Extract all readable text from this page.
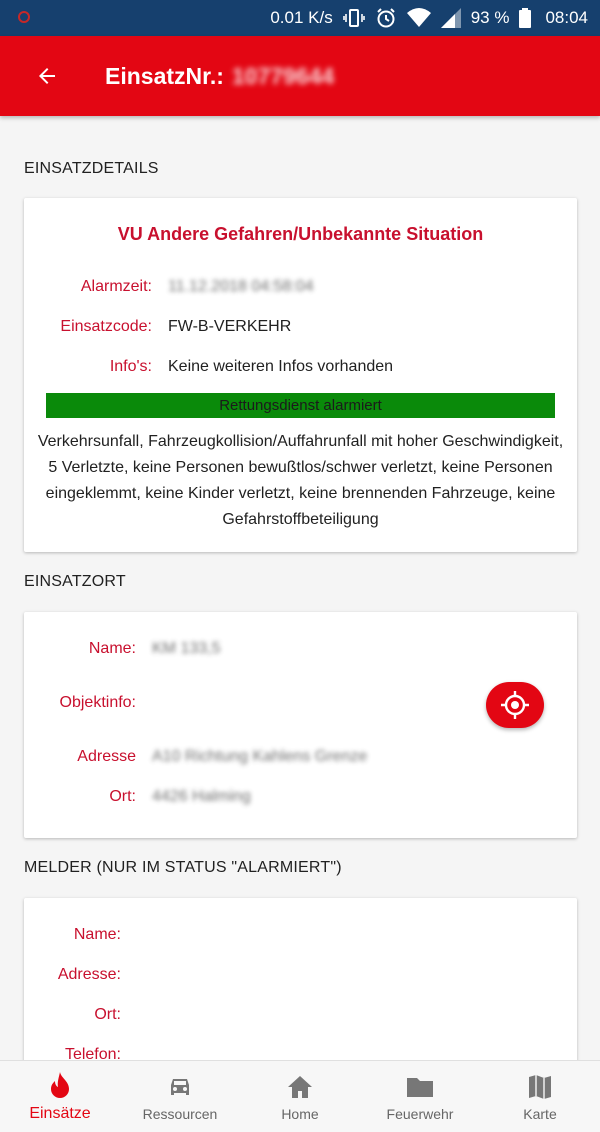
0.01 K/s	93 % 08:04
EinsatzNr.: 10779644
EINSATZDETAILS
VU Andere Gefahren/Unbekannte Situation
Alarmzeit: 11.12.2018 04:58:04
Einsatzcode: FW-B-VERKEHR
Info's: Keine weiteren Infos vorhanden
Rettungsdienst alarmiert
Verkehrsunfall, Fahrzeugkollision/Auffahrunfall mit hoher Geschwindigkeit, 5 Verletzte, keine Personen bewußtlos/schwer verletzt, keine Personen eingeklemmt, keine Kinder verletzt, keine brennenden Fahrzeuge, keine Gefahrstoffbeteiligung
EINSATZORT
Name: KM 133,5
Objektinfo:
Adresse A10 Richtung Kahlens Grenze
Ort: 4426 Halming
MELDER (NUR IM STATUS "ALARMIERT")
Name:
Adresse:
Ort:
Telefon:
Einsätze	Ressourcen	Home	Feuerwehr	Karte
